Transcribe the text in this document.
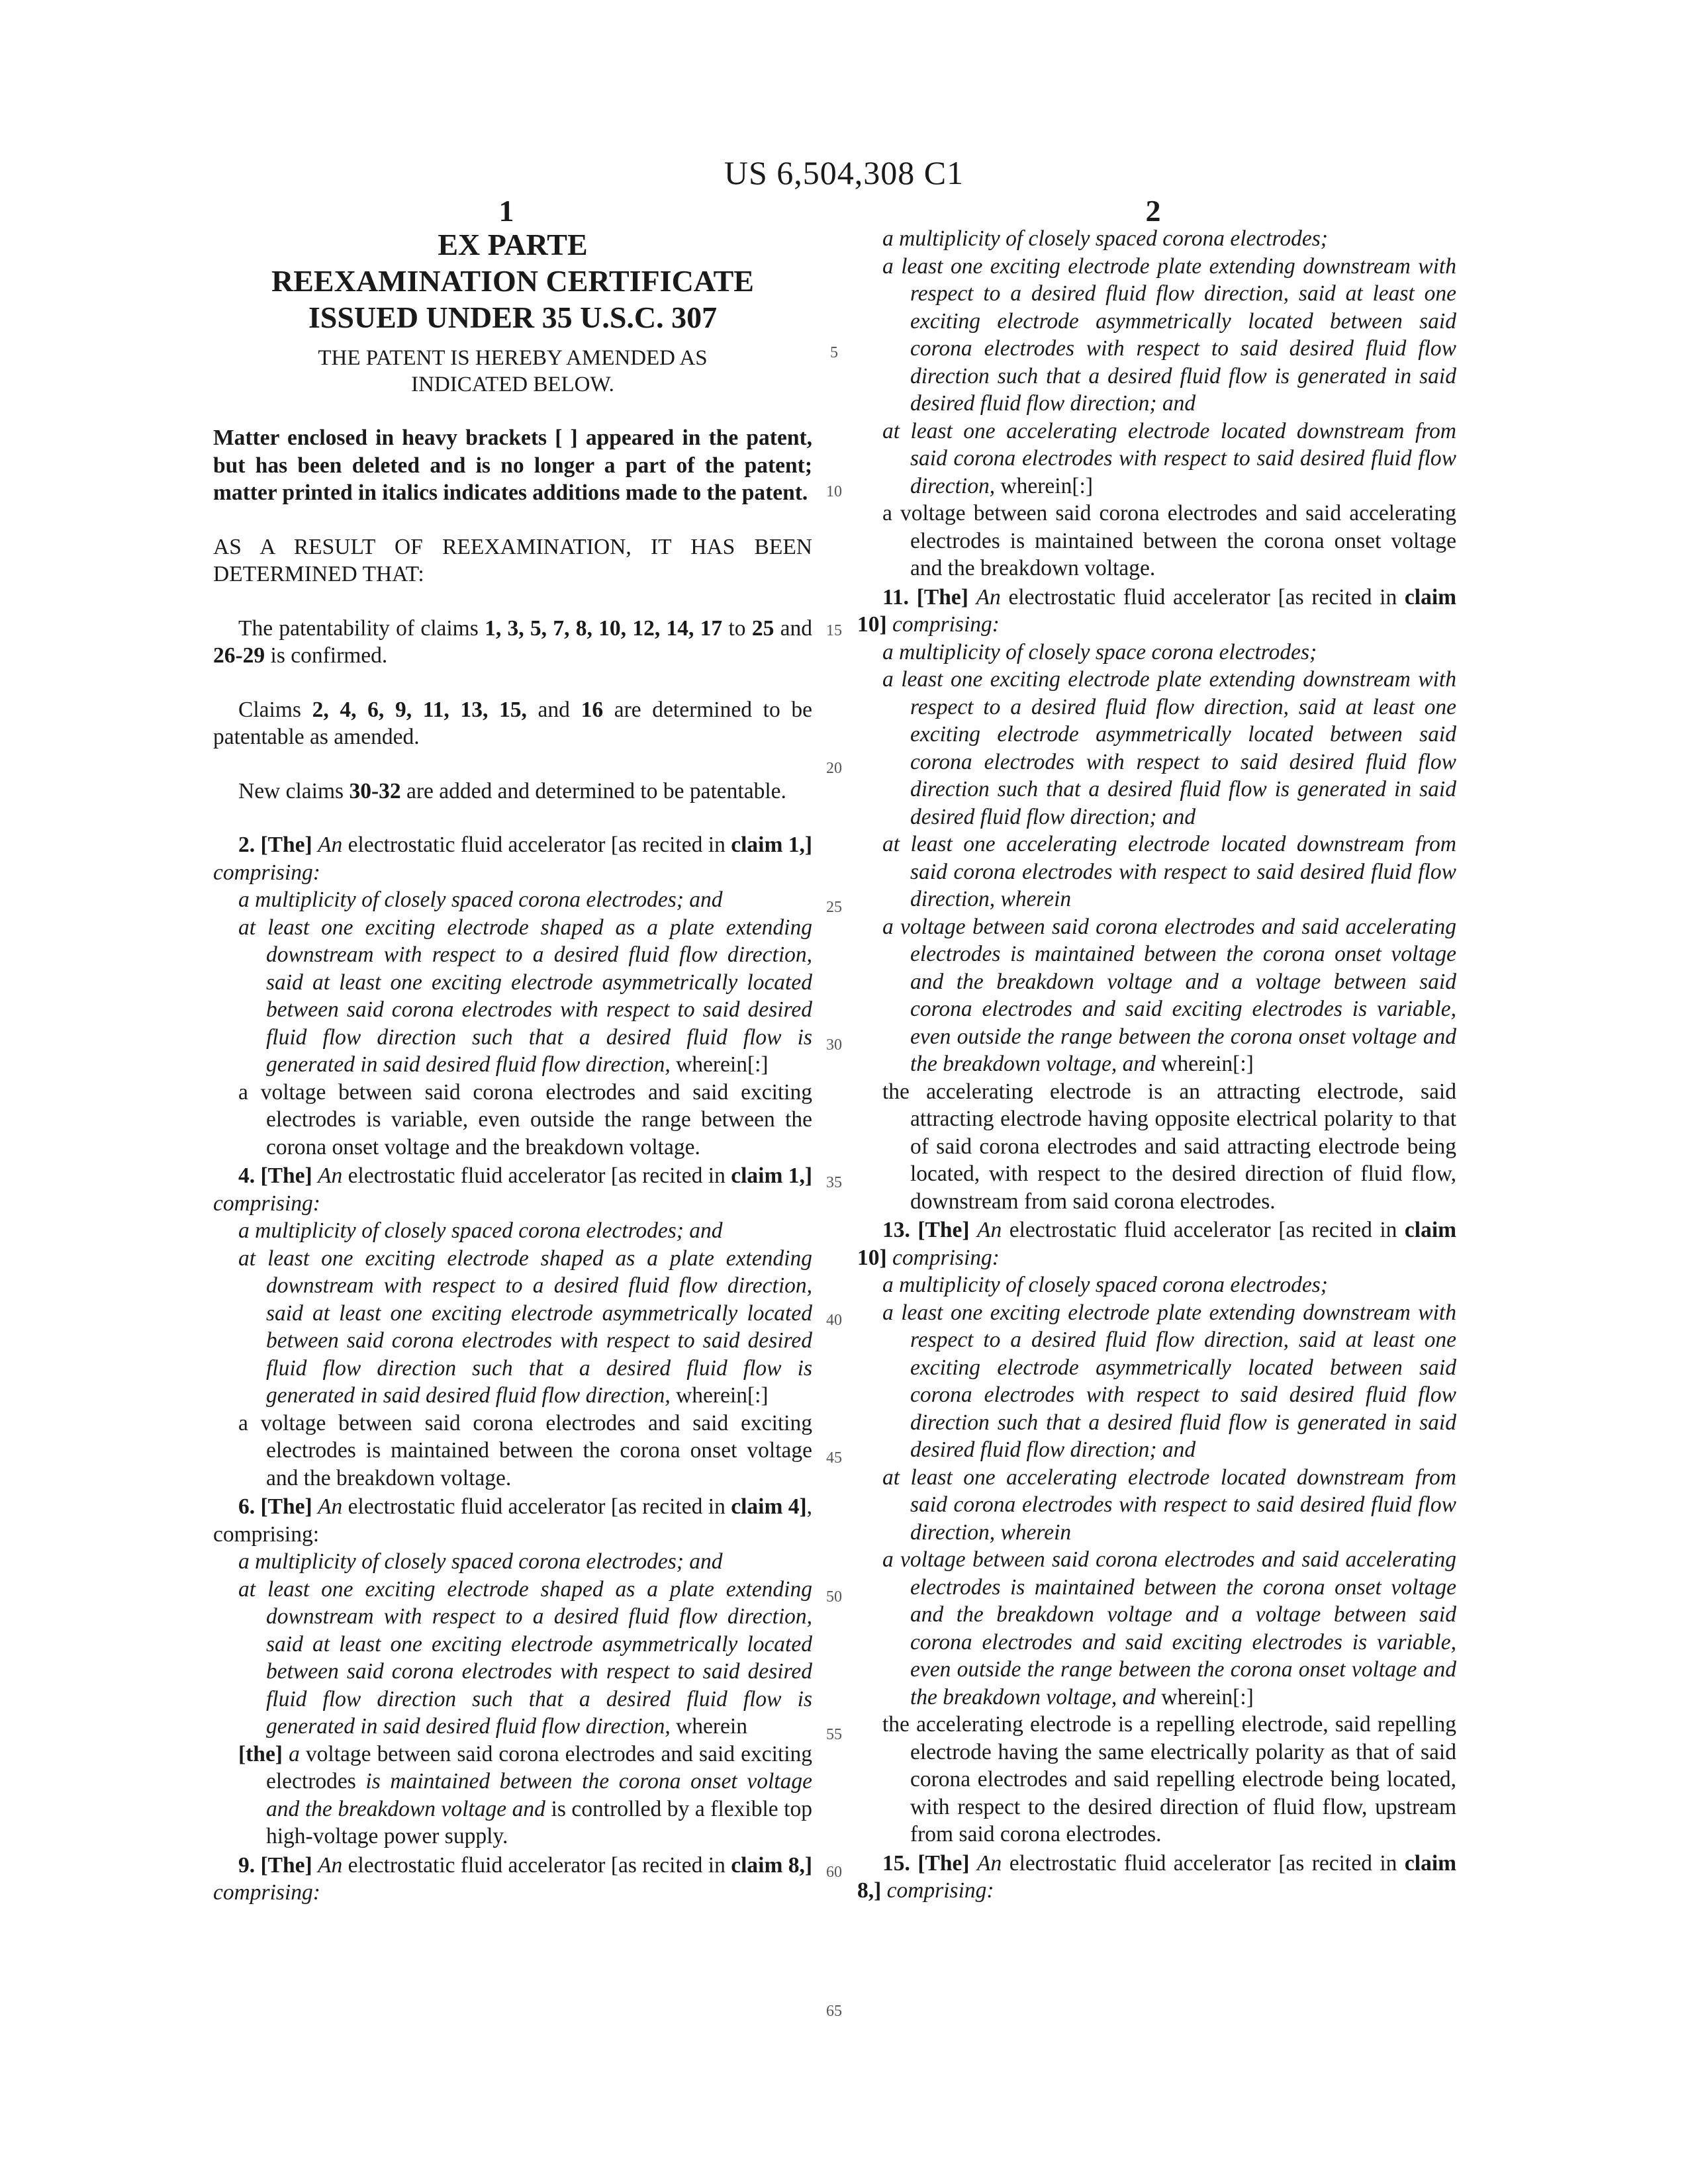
US 6,504,308 C1
1	2
EX PARTE
REEXAMINATION CERTIFICATE
ISSUED UNDER 35 U.S.C. 307
THE PATENT IS HEREBY AMENDED AS
INDICATED BELOW.
Matter enclosed in heavy brackets [ ] appeared in the patent, but has been deleted and is no longer a part of the patent; matter printed in italics indicates additions made to the patent.
AS A RESULT OF REEXAMINATION, IT HAS BEEN DETERMINED THAT:
The patentability of claims 1, 3, 5, 7, 8, 10, 12, 14, 17 to 25 and 26-29 is confirmed.
Claims 2, 4, 6, 9, 11, 13, 15, and 16 are determined to be patentable as amended.
New claims 30-32 are added and determined to be patentable.
2. [The] An electrostatic fluid accelerator [as recited in claim 1,] comprising:
a multiplicity of closely spaced corona electrodes; and
at least one exciting electrode shaped as a plate extending downstream with respect to a desired fluid flow direction, said at least one exciting electrode asymmetrically located between said corona electrodes with respect to said desired fluid flow direction such that a desired fluid flow is generated in said desired fluid flow direction, wherein[:]
a voltage between said corona electrodes and said exciting electrodes is variable, even outside the range between the corona onset voltage and the breakdown voltage.
4. [The] An electrostatic fluid accelerator [as recited in claim 1,] comprising:
a multiplicity of closely spaced corona electrodes; and
at least one exciting electrode shaped as a plate extending downstream with respect to a desired fluid flow direction, said at least one exciting electrode asymmetrically located between said corona electrodes with respect to said desired fluid flow direction such that a desired fluid flow is generated in said desired fluid flow direction, wherein[:]
a voltage between said corona electrodes and said exciting electrodes is maintained between the corona onset voltage and the breakdown voltage.
6. [The] An electrostatic fluid accelerator [as recited in claim 4], comprising:
a multiplicity of closely spaced corona electrodes; and
at least one exciting electrode shaped as a plate extending downstream with respect to a desired fluid flow direction, said at least one exciting electrode asymmetrically located between said corona electrodes with respect to said desired fluid flow direction such that a desired fluid flow is generated in said desired fluid flow direction, wherein
[the] a voltage between said corona electrodes and said exciting electrodes is maintained between the corona onset voltage and the breakdown voltage and is controlled by a flexible top high-voltage power supply.
9. [The] An electrostatic fluid accelerator [as recited in claim 8,] comprising:
5
10
15
20
25
30
35
40
45
50
55
60
65
a multiplicity of closely spaced corona electrodes;
a least one exciting electrode plate extending downstream with respect to a desired fluid flow direction, said at least one exciting electrode asymmetrically located between said corona electrodes with respect to said desired fluid flow direction such that a desired fluid flow is generated in said desired fluid flow direction; and
at least one accelerating electrode located downstream from said corona electrodes with respect to said desired fluid flow direction, wherein[:]
a voltage between said corona electrodes and said accelerating electrodes is maintained between the corona onset voltage and the breakdown voltage.
11. [The] An electrostatic fluid accelerator [as recited in claim 10] comprising:
a multiplicity of closely space corona electrodes;
a least one exciting electrode plate extending downstream with respect to a desired fluid flow direction, said at least one exciting electrode asymmetrically located between said corona electrodes with respect to said desired fluid flow direction such that a desired fluid flow is generated in said desired fluid flow direction; and
at least one accelerating electrode located downstream from said corona electrodes with respect to said desired fluid flow direction, wherein
a voltage between said corona electrodes and said accelerating electrodes is maintained between the corona onset voltage and the breakdown voltage and a voltage between said corona electrodes and said exciting electrodes is variable, even outside the range between the corona onset voltage and the breakdown voltage, and wherein[:]
the accelerating electrode is an attracting electrode, said attracting electrode having opposite electrical polarity to that of said corona electrodes and said attracting electrode being located, with respect to the desired direction of fluid flow, downstream from said corona electrodes.
13. [The] An electrostatic fluid accelerator [as recited in claim 10] comprising:
a multiplicity of closely spaced corona electrodes;
a least one exciting electrode plate extending downstream with respect to a desired fluid flow direction, said at least one exciting electrode asymmetrically located between said corona electrodes with respect to said desired fluid flow direction such that a desired fluid flow is generated in said desired fluid flow direction; and
at least one accelerating electrode located downstream from said corona electrodes with respect to said desired fluid flow direction, wherein
a voltage between said corona electrodes and said accelerating electrodes is maintained between the corona onset voltage and the breakdown voltage and a voltage between said corona electrodes and said exciting electrodes is variable, even outside the range between the corona onset voltage and the breakdown voltage, and wherein[:]
the accelerating electrode is a repelling electrode, said repelling electrode having the same electrically polarity as that of said corona electrodes and said repelling electrode being located, with respect to the desired direction of fluid flow, upstream from said corona electrodes.
15. [The] An electrostatic fluid accelerator [as recited in claim 8,] comprising:
